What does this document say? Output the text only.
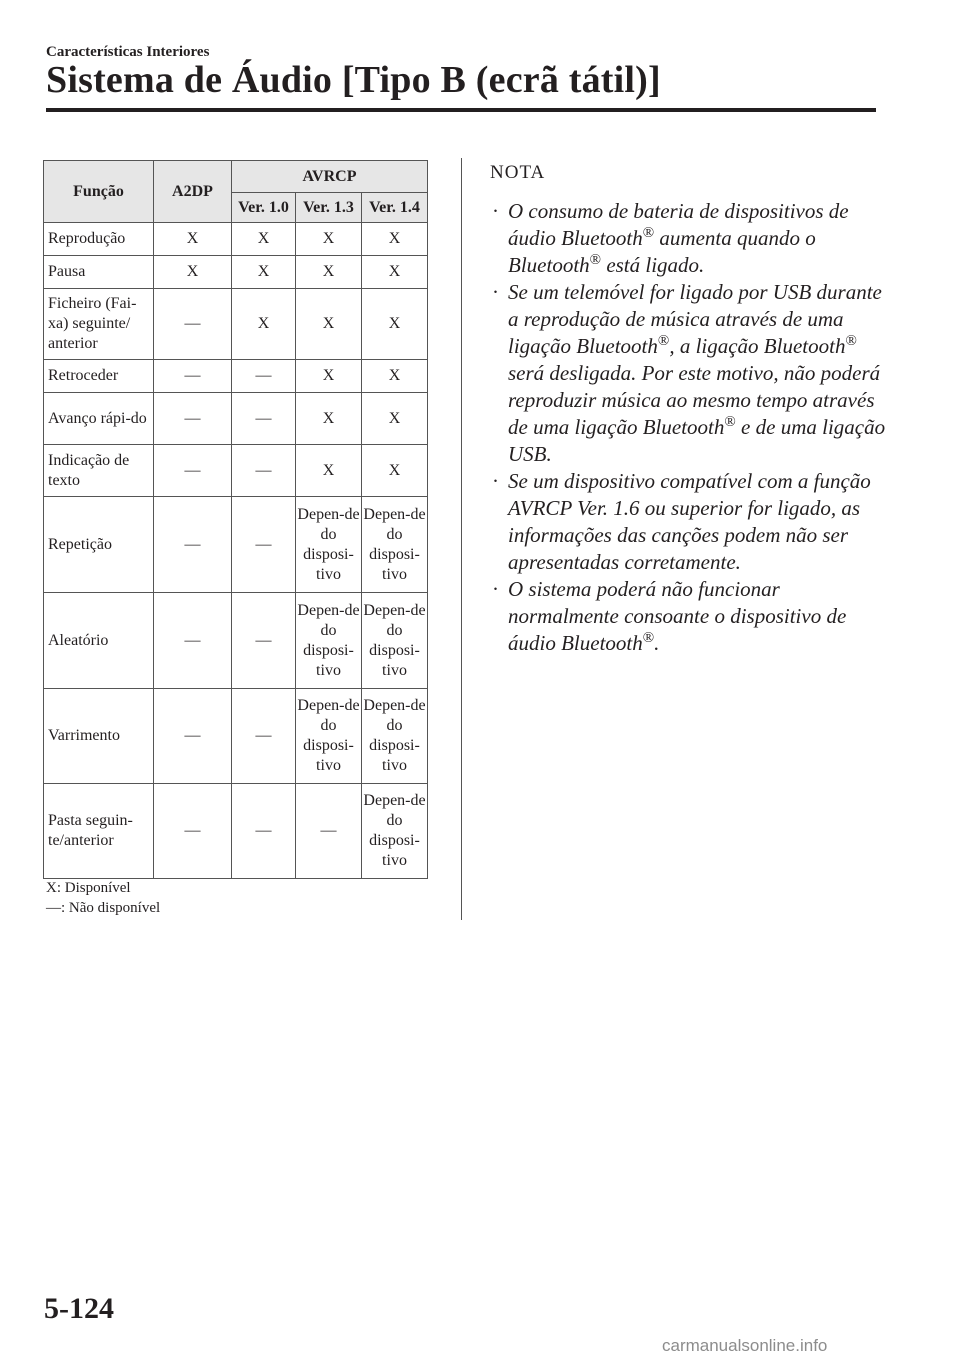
Características Interiores
Sistema de Áudio [Tipo B (ecrã tátil)]
Função	A2DP	AVRCP		
		Ver. 1.0	Ver. 1.3	Ver. 1.4
Reprodução	X	X	X	X
Pausa	X	X	X	X
Ficheiro (Fai-xa) seguinte/ anterior	—	X	X	X
Retroceder	—	—	X	X
Avanço rápi-do	—	—	X	X
Indicação de texto	—	—	X	X
Repetição	—	—	Depen-de do disposi-tivo	Depen-de do disposi-tivo
Aleatório	—	—	Depen-de do disposi-tivo	Depen-de do disposi-tivo
Varrimento	—	—	Depen-de do disposi-tivo	Depen-de do disposi-tivo
Pasta seguin-te/anterior	—	—	—	Depen-de do disposi-tivo
X: Disponível
—: Não disponível
NOTA
· O consumo de bateria de dispositivos de áudio Bluetooth® aumenta quando o Bluetooth® está ligado.
· Se um telemóvel for ligado por USB durante a reprodução de música através de uma ligação Bluetooth®, a ligação Bluetooth® será desligada. Por este motivo, não poderá reproduzir música ao mesmo tempo através de uma ligação Bluetooth® e de uma ligação USB.
· Se um dispositivo compatível com a função AVRCP Ver. 1.6 ou superior for ligado, as informações das canções podem não ser apresentadas corretamente.
· O sistema poderá não funcionar normalmente consoante o dispositivo de áudio Bluetooth®.
5-124
carmanualsonline.info
